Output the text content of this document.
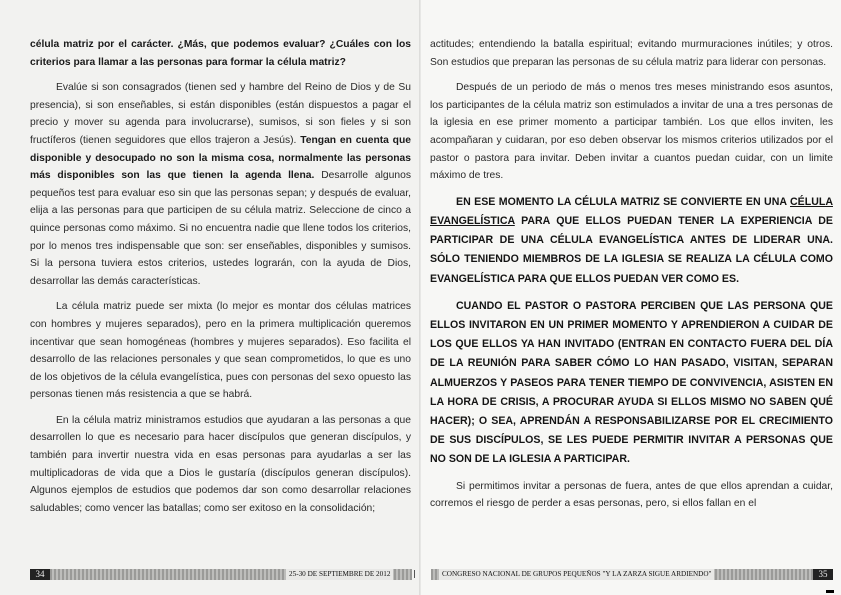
célula matriz por el carácter. ¿Más, que podemos evaluar? ¿Cuáles con los criterios para llamar a las personas para formar la célula matriz?

Evalúe si son consagrados (tienen sed y hambre del Reino de Dios y de Su presencia), si son enseñables, si están disponibles (están dispuestos a pagar el precio y mover su agenda para involucrarse), sumisos, si son fieles y si son fructíferos (tienen seguidores que ellos trajeron a Jesús). Tengan en cuenta que disponible y desocupado no son la misma cosa, normalmente las personas más disponibles son las que tienen la agenda llena. Desarrolle algunos pequeños test para evaluar eso sin que las personas sepan; y después de evaluar, elija a las personas para que participen de su célula matriz. Seleccione de cinco a quince personas como máximo. Si no encuentra nadie que llene todos los criterios, por lo menos tres indispensable que son: ser enseñables, disponibles y sumisos. Si la persona tuviera estos criterios, ustedes lograrán, con la ayuda de Dios, desarrollar las demás características.

La célula matriz puede ser mixta (lo mejor es montar dos células matrices con hombres y mujeres separados), pero en la primera multiplicación queremos incentivar que sean homogéneas (hombres y mujeres separados). Eso facilita el desarrollo de las relaciones personales y que sean comprometidos, lo que es uno de los objetivos de la célula evangelística, pues con personas del sexo opuesto las personas tienen más resistencia a que se habrá.

En la célula matriz ministramos estudios que ayudaran a las personas a que desarrollen lo que es necesario para hacer discípulos que generan discípulos, y también para invertir nuestra vida en esas personas para ayudarlas a ser las multiplicadoras de vida que a Dios le gustaría (discípulos generan discípulos). Algunos ejemplos de estudios que podemos dar son como desarrollar relaciones saludables; como vencer las batallas; como ser exitoso en la consolidación;

34	25-30 DE SEPTIEMBRE DE 2012

actitudes; entendiendo la batalla espiritual; evitando murmuraciones inútiles; y otros. Son estudios que preparan las personas de su célula matriz para liderar con personas.

Después de un periodo de más o menos tres meses ministrando esos asuntos, los participantes de la célula matriz son estimulados a invitar de una a tres personas de la iglesia en ese primer momento a participar también. Los que ellos inviten, les acompañaran y cuidaran, por eso deben observar los mismos criterios utilizados por el pastor o pastora para invitar. Deben invitar a cuantos puedan cuidar, con un limite máximo de tres.

EN ESE MOMENTO LA CÉLULA MATRIZ SE CONVIERTE EN UNA CÉLULA EVANGELÍSTICA PARA QUE ELLOS PUEDAN TENER LA EXPERIENCIA DE PARTICIPAR DE UNA CÉLULA EVANGELÍSTICA ANTES DE LIDERAR UNA. SÓLO TENIENDO MIEMBROS DE LA IGLESIA SE REALIZA LA CÉLULA COMO EVANGELÍSTICA PARA QUE ELLOS PUEDAN VER COMO ES.

CUANDO EL PASTOR O PASTORA PERCIBEN QUE LAS PERSONA QUE ELLOS INVITARON EN UN PRIMER MOMENTO Y APRENDIERON A CUIDAR DE LOS QUE ELLOS YA HAN INVITADO (ENTRAN EN CONTACTO FUERA DEL DÍA DE LA REUNIÓN PARA SABER CÓMO LO HAN PASADO, VISITAN, SEPARAN ALMUERZOS Y PASEOS PARA TENER TIEMPO DE CONVIVENCIA, ASISTEN EN LA HORA DE CRISIS, A PROCURAR AYUDA SI ELLOS MISMO NO SABEN QUÉ HACER); O SEA, APRENDÁN A RESPONSABILIZARSE POR EL CRECIMIENTO DE SUS DISCÍPULOS, SE LES PUEDE PERMITIR INVITAR A PERSONAS QUE NO SON DE LA IGLESIA A PARTICIPAR.

Si permitimos invitar a personas de fuera, antes de que ellos aprendan a cuidar, corremos el riesgo de perder a esas personas, pero, si ellos fallan en el

CONGRESO NACIONAL DE GRUPOS PEQUEÑOS "Y LA ZARZA SIGUE ARDIENDO"	35
